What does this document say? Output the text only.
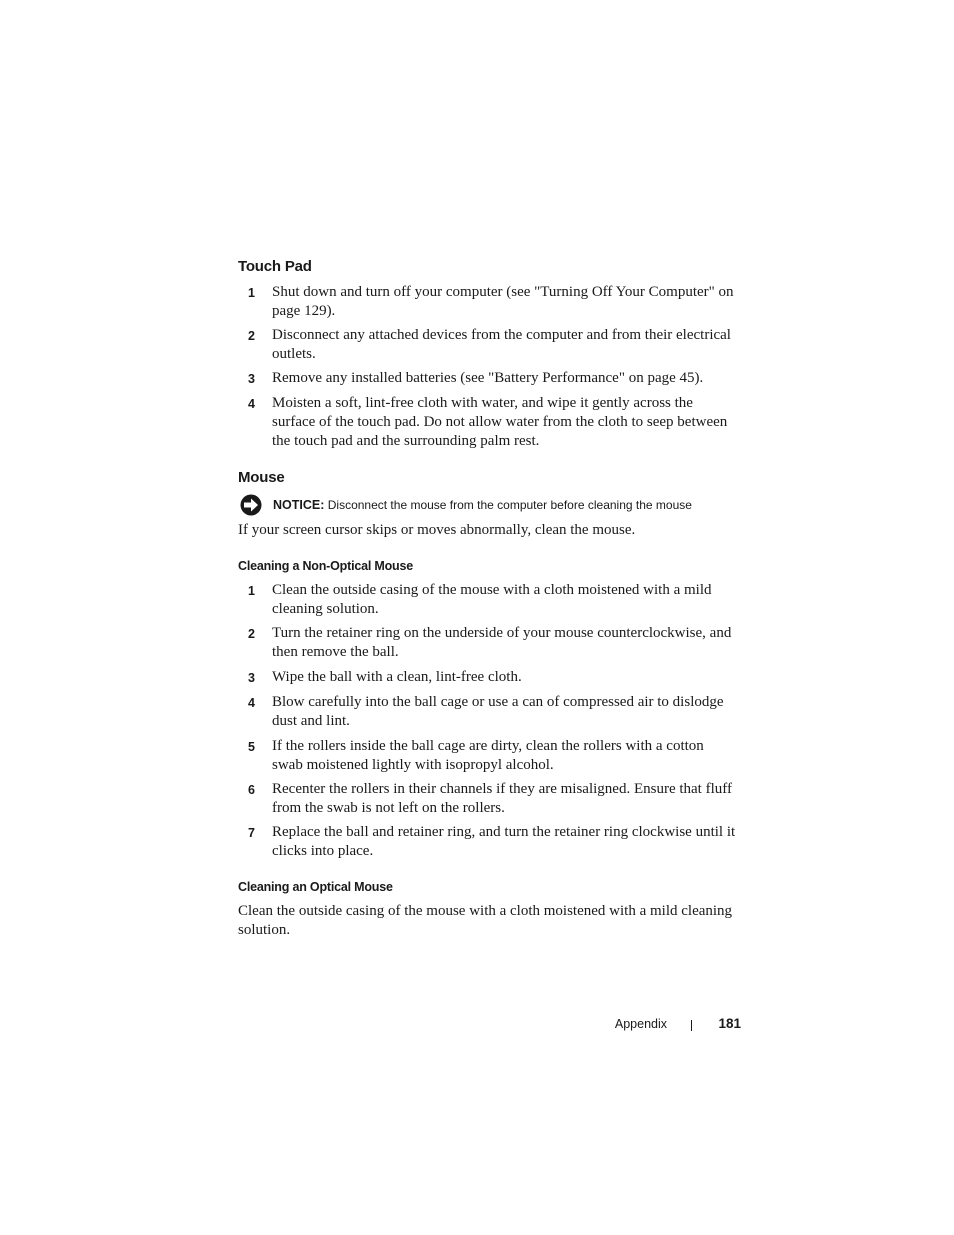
Touch Pad
1 Shut down and turn off your computer (see "Turning Off Your Computer" on page 129).
2 Disconnect any attached devices from the computer and from their electrical outlets.
3 Remove any installed batteries (see "Battery Performance" on page 45).
4 Moisten a soft, lint-free cloth with water, and wipe it gently across the surface of the touch pad. Do not allow water from the cloth to seep between the touch pad and the surrounding palm rest.
Mouse
NOTICE: Disconnect the mouse from the computer before cleaning the mouse

If your screen cursor skips or moves abnormally, clean the mouse.

Cleaning a Non-Optical Mouse
1 Clean the outside casing of the mouse with a cloth moistened with a mild cleaning solution.
2 Turn the retainer ring on the underside of your mouse counterclockwise, and then remove the ball.
3 Wipe the ball with a clean, lint-free cloth.
4 Blow carefully into the ball cage or use a can of compressed air to dislodge dust and lint.
5 If the rollers inside the ball cage are dirty, clean the rollers with a cotton swab moistened lightly with isopropyl alcohol.
6 Recenter the rollers in their channels if they are misaligned. Ensure that fluff from the swab is not left on the rollers.
7 Replace the ball and retainer ring, and turn the retainer ring clockwise until it clicks into place.
Cleaning an Optical Mouse

Clean the outside casing of the mouse with a cloth moistened with a mild cleaning solution.

Appendix	181
